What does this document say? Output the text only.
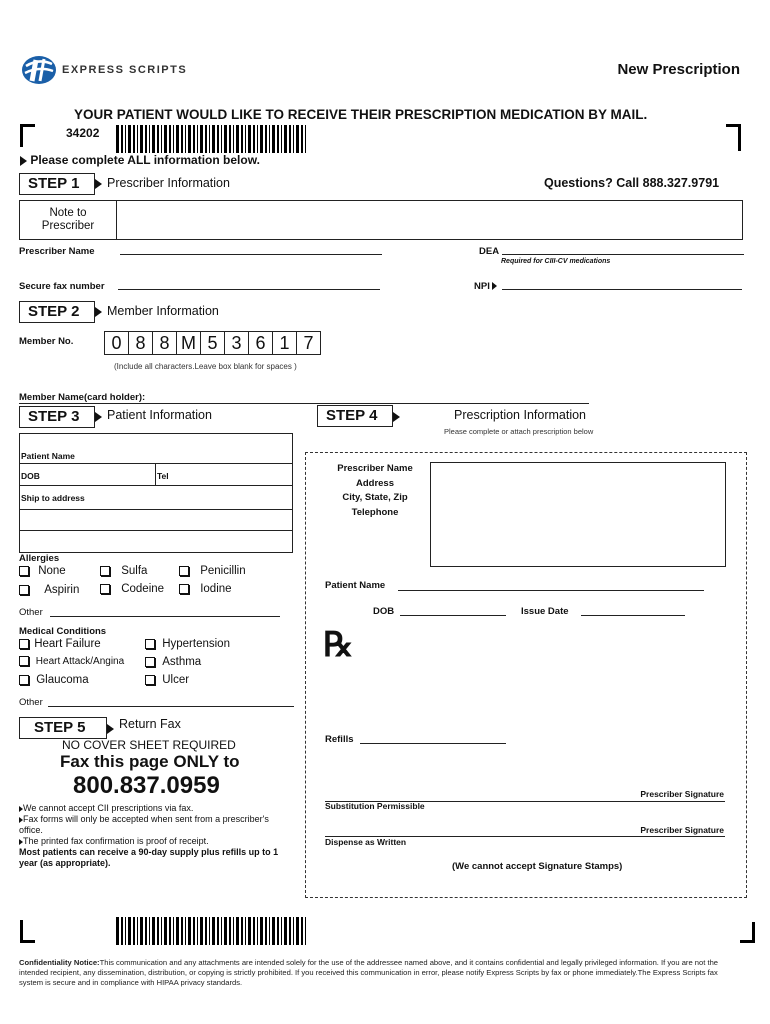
EXPRESS SCRIPTS	New Prescription
YOUR PATIENT WOULD LIKE TO RECEIVE THEIR PRESCRIPTION MEDICATION BY MAIL.
34202
Please complete ALL information below.
STEP 1	Prescriber Information	Questions? Call 888.327.9791
Note to Prescriber
Prescriber Name	DEA
Required for CIII-CV medications
Secure fax number	NPI
STEP 2	Member Information
Member No.	0 8 8 M 5 3 6 1 7
(Include all characters.Leave box blank for spaces )
Member Name(card holder):
STEP 3	Patient Information
Patient Name
DOB	Tel
Ship to address
Allergies
None	Sulfa	Penicillin
Aspirin	Codeine	Iodine
Other
Medical Conditions
Heart Failure	Hypertension
Heart Attack/Angina	Asthma
Glaucoma	Ulcer
Other
STEP 4	Prescription Information
Please complete or attach prescription below
Prescriber Name
Address
City, State, Zip
Telephone
Patient Name
DOB	Issue Date
℞
Refills
Prescriber Signature
Substitution Permissible
Prescriber Signature
Dispense as Written
(We cannot accept Signature Stamps)
STEP 5	Return Fax
NO COVER SHEET REQUIRED
Fax this page ONLY to
800.837.0959
We cannot accept CII prescriptions via fax.
Fax forms will only be accepted when sent from a prescriber's office.
The printed fax confirmation is proof of receipt.
Most patients can receive a 90-day supply plus refills up to 1 year (as appropriate).
Confidentiality Notice:This communication and any attachments are intended solely for the use of the addressee named above, and it contains confidential and legally privileged information. If you are not the intended recipient, any dissemination, distribution, or copying is strictly prohibited. If you received this communication in error, please notify Express Scripts by fax or phone immediately.The Express Scripts fax system is secure and in compliance with HIPAA privacy standards.
